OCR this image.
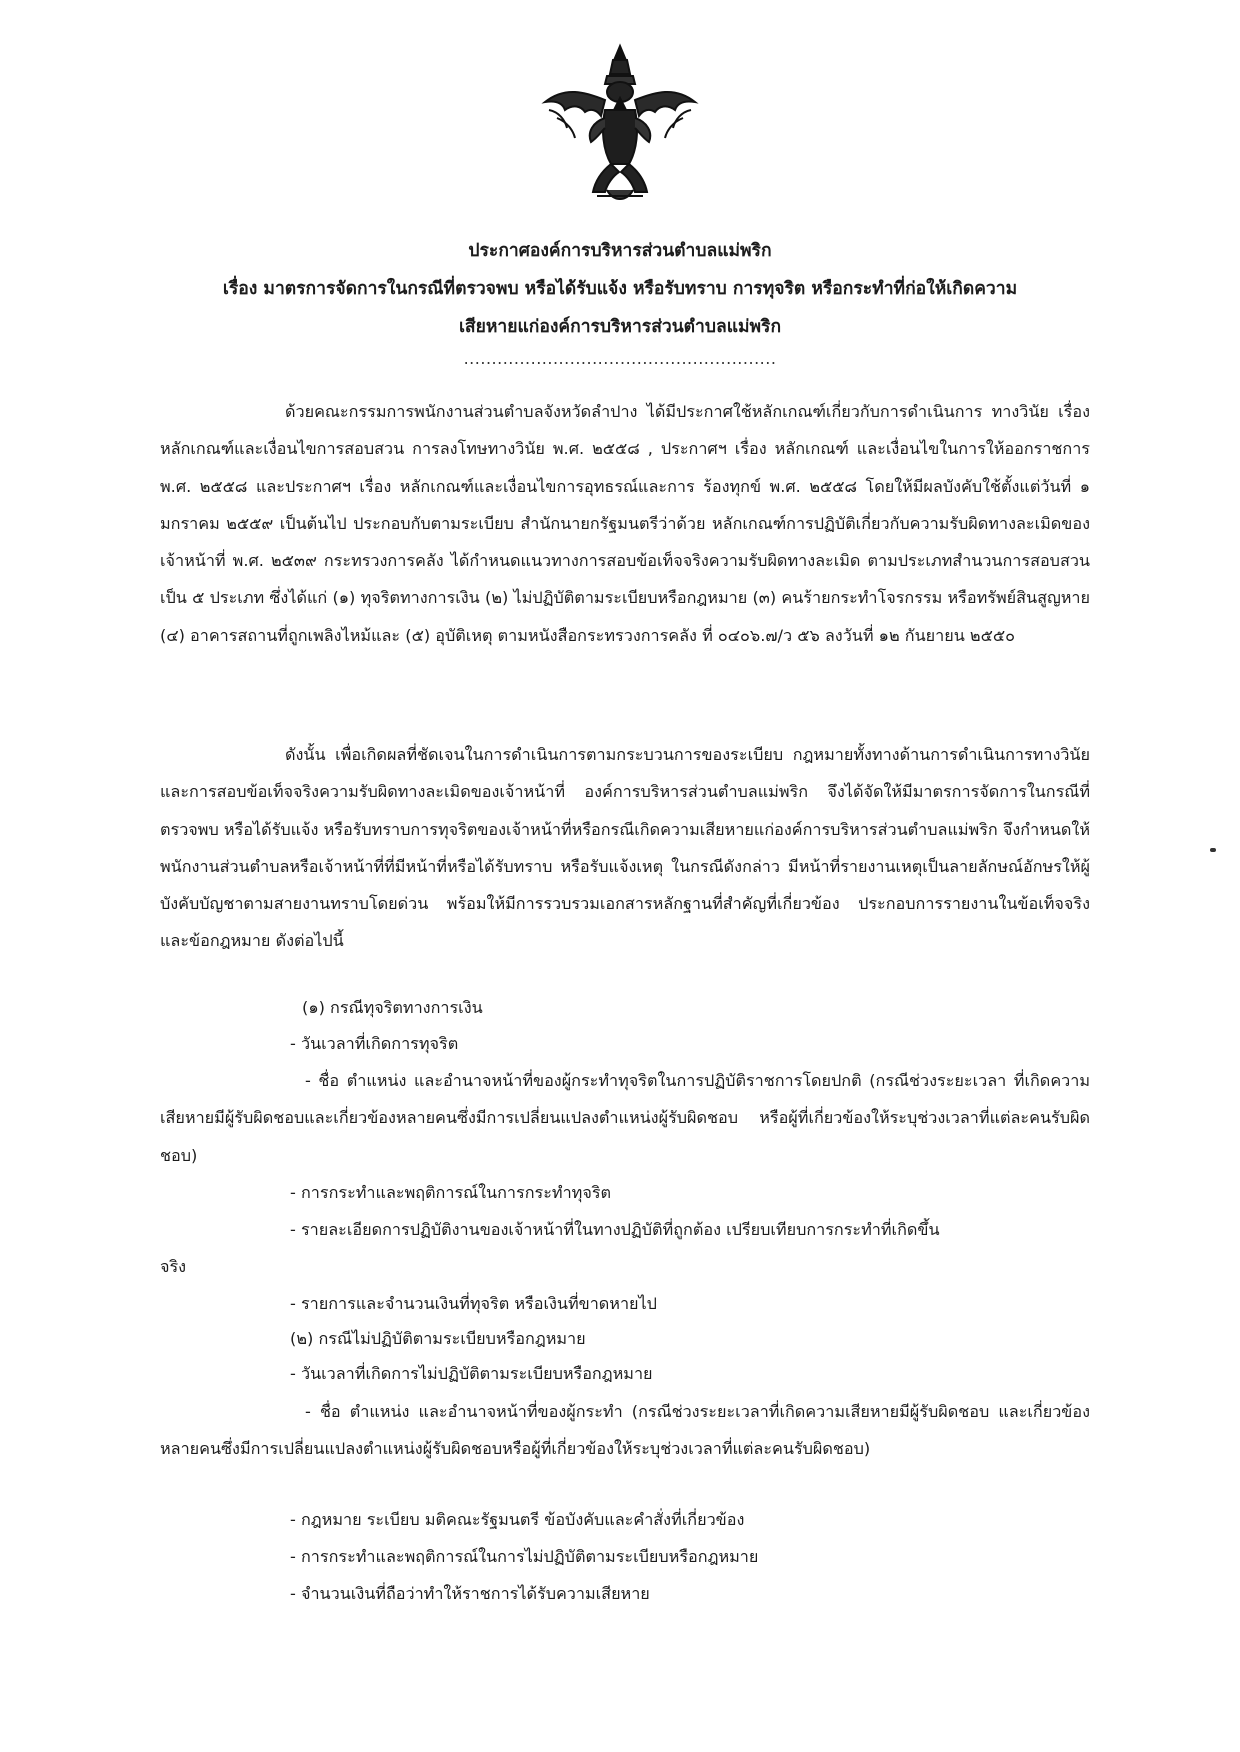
ประกาศองค์การบริหารส่วนตำบลแม่พริก
เรื่อง มาตรการจัดการในกรณีที่ตรวจพบ หรือได้รับแจ้ง หรือรับทราบ การทุจริต หรือกระทำที่ก่อให้เกิดความ
เสียหายแก่องค์การบริหารส่วนตำบลแม่พริก
........................................................
ด้วยคณะกรรมการพนักงานส่วนตำบลจังหวัดลำปาง ได้มีประกาศใช้หลักเกณฑ์เกี่ยวกับการดำเนินการ ทางวินัย เรื่อง หลักเกณฑ์และเงื่อนไขการสอบสวน การลงโทษทางวินัย พ.ศ. ๒๕๕๘ , ประกาศฯ เรื่อง หลักเกณฑ์ และเงื่อนไขในการให้ออกราชการ พ.ศ. ๒๕๕๘ และประกาศฯ เรื่อง หลักเกณฑ์และเงื่อนไขการอุทธรณ์และการ ร้องทุกข์ พ.ศ. ๒๕๕๘ โดยให้มีผลบังคับใช้ตั้งแต่วันที่ ๑ มกราคม ๒๕๕๙ เป็นต้นไป ประกอบกับตามระเบียบ สำนักนายกรัฐมนตรีว่าด้วย หลักเกณฑ์การปฏิบัติเกี่ยวกับความรับผิดทางละเมิดของเจ้าหน้าที่ พ.ศ. ๒๕๓๙ กระทรวงการคลัง ได้กำหนดแนวทางการสอบข้อเท็จจริงความรับผิดทางละเมิด ตามประเภทสำนวนการสอบสวน เป็น ๕ ประเภท ซึ่งได้แก่ (๑) ทุจริตทางการเงิน (๒) ไม่ปฏิบัติตามระเบียบหรือกฎหมาย (๓) คนร้ายกระทำโจรกรรม หรือทรัพย์สินสูญหาย (๔) อาคารสถานที่ถูกเพลิงไหม้และ (๕) อุบัติเหตุ ตามหนังสือกระทรวงการคลัง ที่ ๐๔๐๖.๗/ว ๕๖ ลงวันที่ ๑๒ กันยายน ๒๕๕๐
ดังนั้น เพื่อเกิดผลที่ชัดเจนในการดำเนินการตามกระบวนการของระเบียบ กฎหมายทั้งทางด้านการดำเนินการทางวินัยและการสอบข้อเท็จจริงความรับผิดทางละเมิดของเจ้าหน้าที่ องค์การบริหารส่วนตำบลแม่พริก จึงได้จัดให้มีมาตรการจัดการในกรณีที่ตรวจพบ หรือได้รับแจ้ง หรือรับทราบการทุจริตของเจ้าหน้าที่หรือกรณีเกิดความเสียหายแก่องค์การบริหารส่วนตำบลแม่พริก จึงกำหนดให้พนักงานส่วนตำบลหรือเจ้าหน้าที่ที่มีหน้าที่หรือได้รับทราบ หรือรับแจ้งเหตุ ในกรณีดังกล่าว มีหน้าที่รายงานเหตุเป็นลายลักษณ์อักษรให้ผู้บังคับบัญชาตามสายงานทราบโดยด่วน พร้อมให้มีการรวบรวมเอกสารหลักฐานที่สำคัญที่เกี่ยวข้อง ประกอบการรายงานในข้อเท็จจริงและข้อกฎหมาย ดังต่อไปนี้
(๑) กรณีทุจริตทางการเงิน
- วันเวลาที่เกิดการทุจริต
- ชื่อ ตำแหน่ง และอำนาจหน้าที่ของผู้กระทำทุจริตในการปฏิบัติราชการโดยปกติ (กรณีช่วงระยะเวลา ที่เกิดความเสียหายมีผู้รับผิดชอบและเกี่ยวข้องหลายคนซึ่งมีการเปลี่ยนแปลงตำแหน่งผู้รับผิดชอบ หรือผู้ที่เกี่ยวข้องให้ระบุช่วงเวลาที่แต่ละคนรับผิดชอบ)
- การกระทำและพฤติการณ์ในการกระทำทุจริต
- รายละเอียดการปฏิบัติงานของเจ้าหน้าที่ในทางปฏิบัติที่ถูกต้อง เปรียบเทียบการกระทำที่เกิดขึ้น
จริง
- รายการและจำนวนเงินที่ทุจริต หรือเงินที่ขาดหายไป
(๒) กรณีไม่ปฏิบัติตามระเบียบหรือกฎหมาย
- วันเวลาที่เกิดการไม่ปฏิบัติตามระเบียบหรือกฎหมาย
- ชื่อ ตำแหน่ง และอำนาจหน้าที่ของผู้กระทำ (กรณีช่วงระยะเวลาที่เกิดความเสียหายมีผู้รับผิดชอบ และเกี่ยวข้องหลายคนซึ่งมีการเปลี่ยนแปลงตำแหน่งผู้รับผิดชอบหรือผู้ที่เกี่ยวข้องให้ระบุช่วงเวลาที่แต่ละคนรับผิดชอบ)
- กฎหมาย ระเบียบ มติคณะรัฐมนตรี ข้อบังคับและคำสั่งที่เกี่ยวข้อง
- การกระทำและพฤติการณ์ในการไม่ปฏิบัติตามระเบียบหรือกฎหมาย
- จำนวนเงินที่ถือว่าทำให้ราชการได้รับความเสียหาย
